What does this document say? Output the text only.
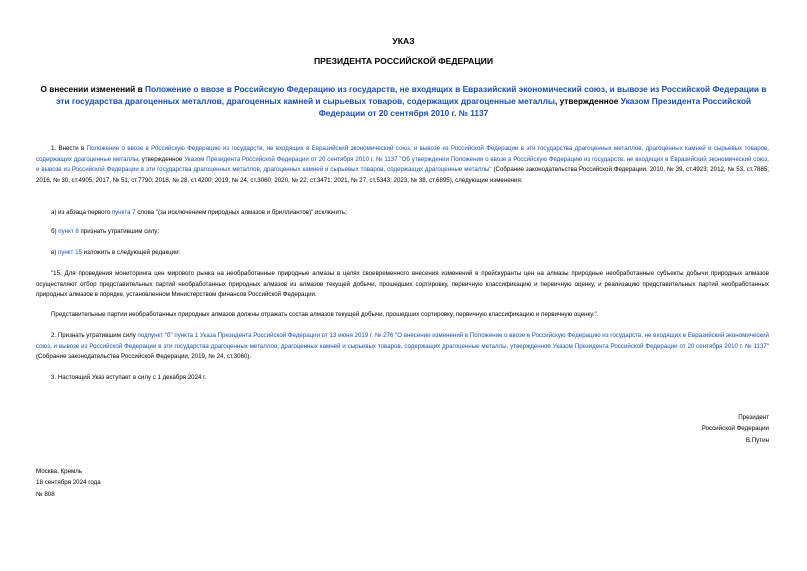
УКАЗ
ПРЕЗИДЕНТА РОССИЙСКОЙ ФЕДЕРАЦИИ
О внесении изменений в Положение о ввозе в Российскую Федерацию из государств, не входящих в Евразийский экономический союз, и вывозе из Российской Федерации в эти государства драгоценных металлов, драгоценных камней и сырьевых товаров, содержащих драгоценные металлы, утвержденное Указом Президента Российской Федерации от 20 сентября 2010 г. № 1137
1. Внести в Положение о ввозе в Российскую Федерацию из государств, не входящих в Евразийский экономический союз, и вывозе из Российской Федерации в эти государства драгоценных металлов, драгоценных камней и сырьевых товаров, содержащих драгоценные металлы, утвержденное Указом Президента Российской Федерации от 20 сентября 2010 г. № 1137 "Об утверждении Положения о ввозе в Российскую Федерацию из государств, не входящих в Евразийский экономический союз, и вывозе из Российской Федерации в эти государства драгоценных металлов, драгоценных камней и сырьевых товаров, содержащих драгоценные металлы" (Собрание законодательства Российской Федерации, 2010, № 39, ст.4923; 2012, № 53, ст.7865; 2016, № 30, ст.4905; 2017, № 51, ст.7790; 2018, № 28, ст.4200; 2019, № 24, ст.3060; 2020, № 22, ст.3471; 2021, № 27, ст.5343; 2023, № 38, ст.6895), следующие изменения:
а) из абзаца первого пункта 7 слова "(за исключением природных алмазов и бриллиантов)" исключить;
б) пункт 8 признать утратившим силу;
в) пункт 15 изложить в следующей редакции:
"15. Для проведения мониторинга цен мирового рынка на необработанные природные алмазы в целях своевременного внесения изменений в прейскуранты цен на алмазы природные необработанные субъекты добычи природных алмазов осуществляют отбор представительных партий необработанных природных алмазов из алмазов текущей добычи, прошедших сортировку, первичную классификацию и первичную оценку, и реализацию представительных партий необработанных природных алмазов в порядке, установленном Министерством финансов Российской Федерации.
Представительные партии необработанных природных алмазов должны отражать состав алмазов текущей добычи, прошедших сортировку, первичную классификацию и первичную оценку.".
2. Признать утратившим силу подпункт "б" пункта 1 Указа Президента Российской Федерации от 13 июня 2019 г. № 276 "О внесении изменений в Положение о ввозе в Российскую Федерацию из государств, не входящих в Евразийский экономический союз, и вывозе из Российской Федерации в эти государства драгоценных металлов, драгоценных камней и сырьевых товаров, содержащих драгоценные металлы, утвержденное Указом Президента Российской Федерации от 20 сентября 2010 г. № 1137" (Собрание законодательства Российской Федерации, 2019, № 24, ст.3060).
3. Настоящий Указ вступает в силу с 1 декабря 2024 г.
Президент
Российской Федерации
В.Путин
Москва, Кремль
18 сентября 2024 года
№ 808
